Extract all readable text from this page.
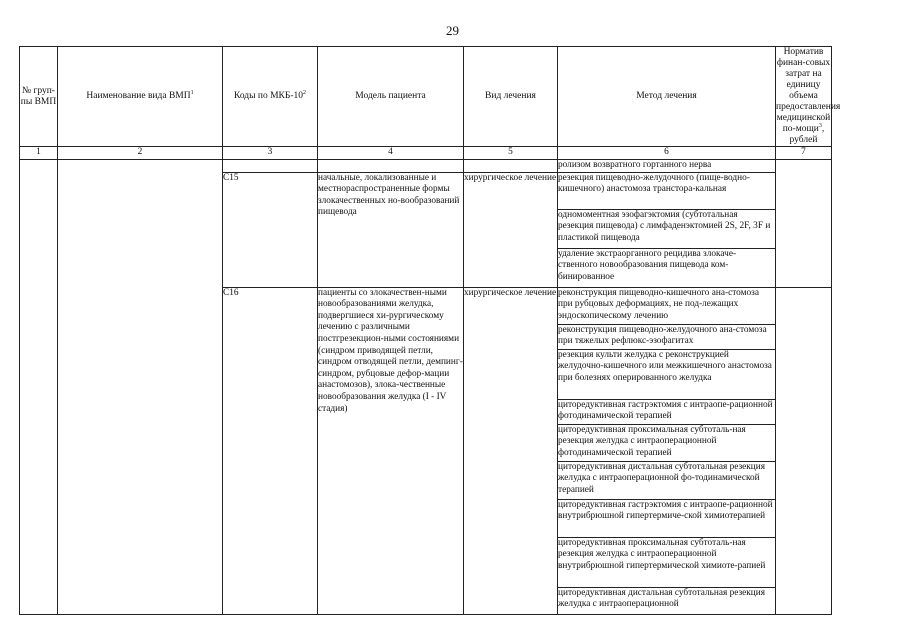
29
№ груп-пы ВМП	Наименование вида ВМП$^1$	Коды по МКБ-$10^2$	Модель пациента	Вид лечения	Метод лечения	Норматив финан-совых затрат на единицу объема предоставления медицинской по-мощи$^3$, рублей
1	2	3	4	5	6	7
					ролизом возвратного гортанного нерва	
		C15	начальные, локализованные и местнораспространенные формы злокачественных но-вообразований пищевода	хирургическое лечение	резекция пищеводно-желудочного (пище-водно-кишечного) анастомоза трансторa-кальная	
					одномоментная эзофагэктомия (субтотальная резекция пищевода) с лимфаденэктомией 2S, 2F, 3F и пластикой пищевода	
					удаление экстраорганного рецидива злокаче-ственного новообразования пищевода ком-бинированное	
		C16	пациенты со злокачествен-ными новообразованиями желудка, подвергшиеся хи-рургическому лечению с различными постгрезекцион-ными состояниями (синдром приводящей петли, синдром отводящей петли, демпинг-синдром, рубцовые дефор-мации анастомозов), злока-чественные новообразования желудка (I - IV стадия)	хирургическое лечение	реконструкция пищеводно-кишечного ана-стомоза при рубцовых деформациях, не под-лежащих эндоскопическому лечению	
					реконструкция пищеводно-желудочного ана-стомоза при тяжелых рефлюкс-эзофагитах	
					резекция культи желудка с реконструкцией желудочно-кишечного или межкишечного анастомоза при болезнях оперированного желудка	
					циторедуктивная гастрэктомия с интраопе-рационной фотодинамической терапией	
					циторедуктивная проксимальная субтоталь-ная резекция желудка с интраоперационной фотодинамической терапией	
					циторедуктивная дистальная субтотальная резекция желудка с интраоперационной фо-тодинамической терапией	
					циторедуктивная гастрэктомия с интраопе-рационной внутрибрюшной гипертермиче-ской химиотерапией	
					циторедуктивная проксимальная субтоталь-ная резекция желудка с интраоперационной внутрибрюшной гипертермической химиоте-рапией	
					циторедуктивная дистальная субтотальная резекция желудка с интраоперационной	
